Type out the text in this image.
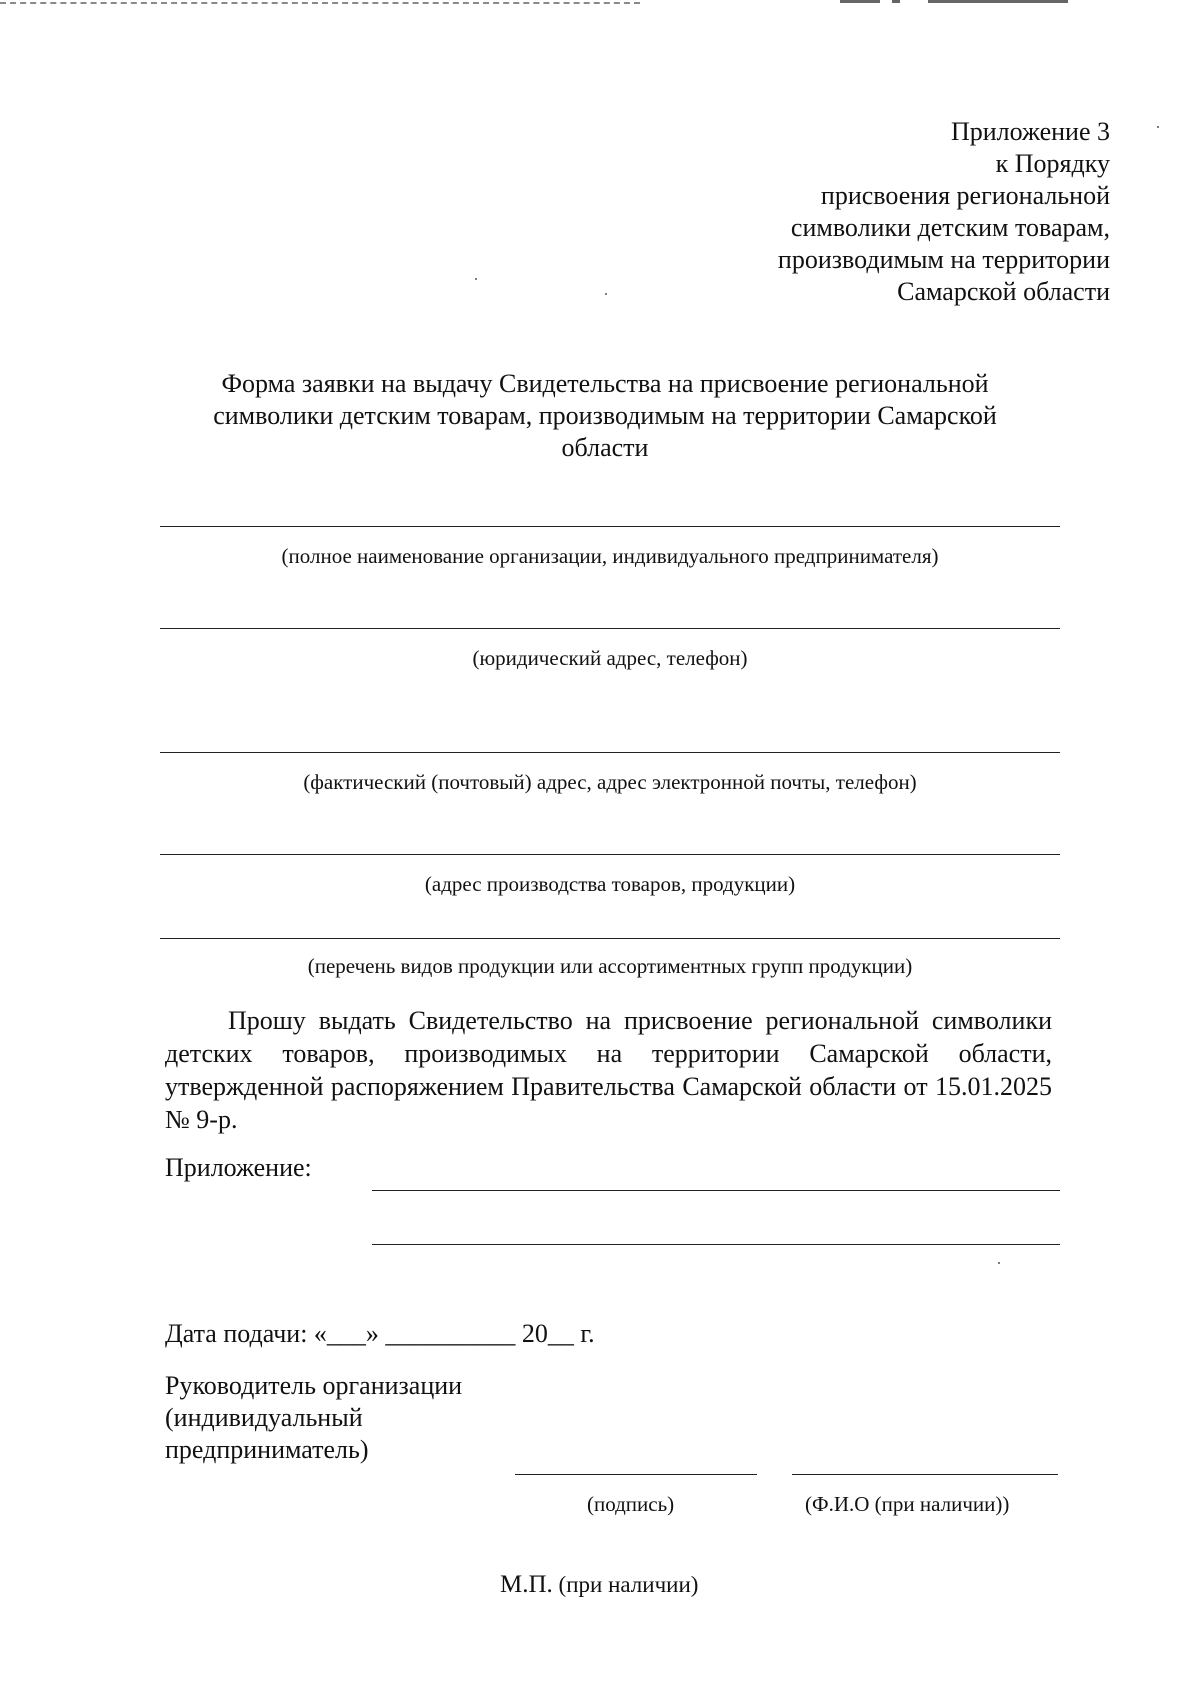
Приложение 3
к Порядку
присвоения региональной
символики детским товарам,
производимым на территории
Самарской области
Форма заявки на выдачу Свидетельства на присвоение региональной
символики детским товарам, производимым на территории Самарской
области
(полное наименование организации, индивидуального предпринимателя)
(юридический адрес, телефон)
(фактический (почтовый) адрес, адрес электронной почты, телефон)
(адрес производства товаров, продукции)
(перечень видов продукции или ассортиментных групп продукции)
Прошу выдать Свидетельство на присвоение региональной символики детских товаров, производимых на территории Самарской области, утвержденной распоряжением Правительства Самарской области от 15.01.2025 № 9-р.
Приложение:
Дата подачи: «___» __________ 20__ г.
Руководитель организации
(индивидуальный
предприниматель)
(подпись)	(Ф.И.О (при наличии))
М.П. (при наличии)
